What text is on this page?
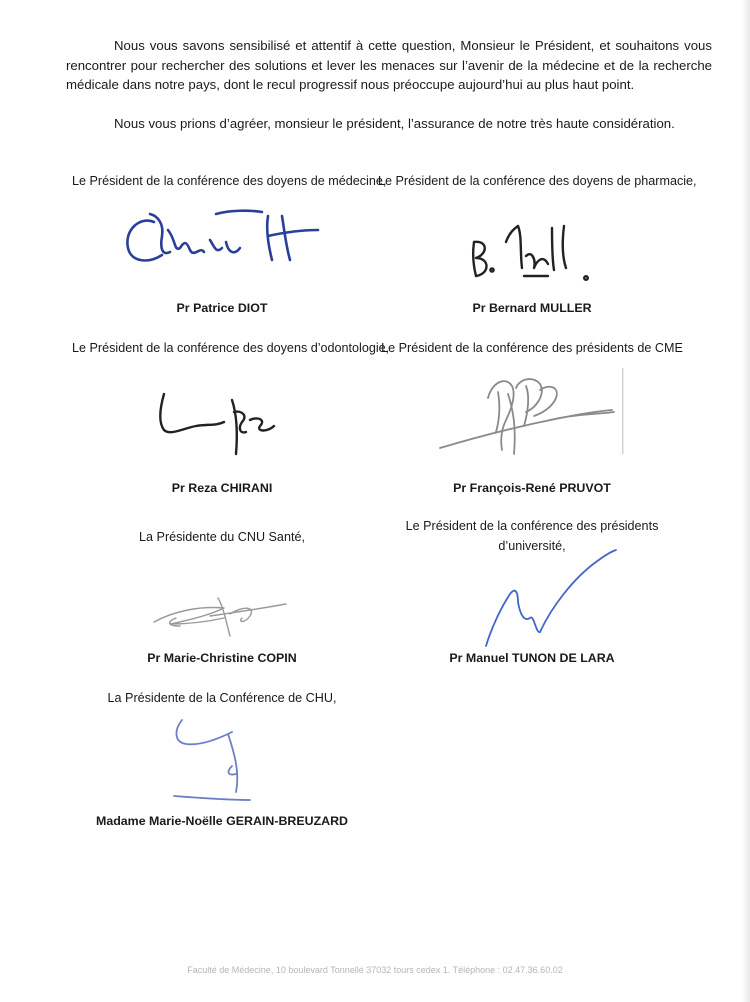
Nous vous savons sensibilisé et attentif à cette question, Monsieur le Président, et souhaitons vous rencontrer pour rechercher des solutions et lever les menaces sur l’avenir de la médecine et de la recherche médicale dans notre pays, dont le recul progressif nous préoccupe aujourd’hui au plus haut point.

Nous vous prions d’agréer, monsieur le président, l’assurance de notre très haute considération.

Le Président de la conférence des doyens de médecine,

Le Président de la conférence des doyens de pharmacie,

Pr Patrice DIOT	Pr Bernard MULLER

Le Président de la conférence des doyens d’odontologie,

Le Président de la conférence des présidents de CME

Pr Reza CHIRANI	Pr François-René PRUVOT

La Présidente du CNU Santé,

Le Président de la conférence des présidents

d’université,

Pr Marie-Christine COPIN	Pr Manuel TUNON DE LARA

La Présidente de la Conférence de CHU,

Madame Marie-Noëlle GERAIN-BREUZARD

Faculté de Médecine, 10 boulevard Tonnellé 37032 tours cedex 1. Téléphone : 02.47.36.60.02
